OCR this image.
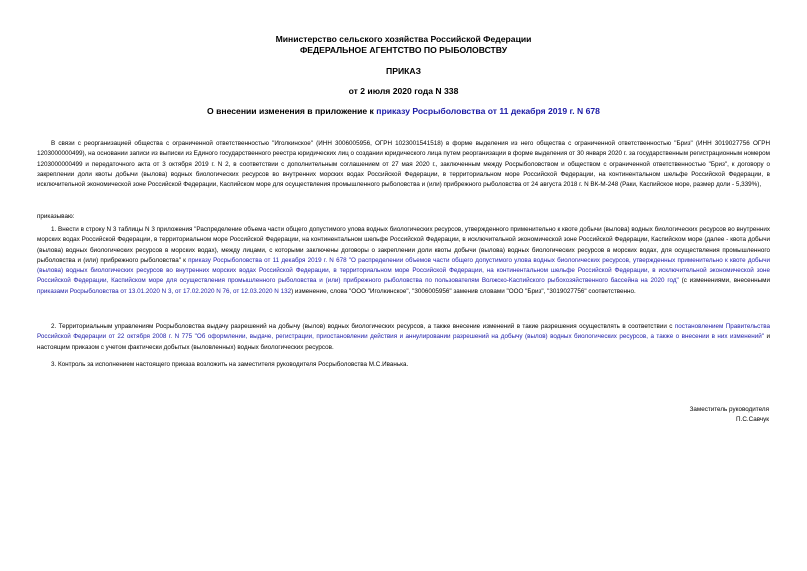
Министерство сельского хозяйства Российской Федерации
ФЕДЕРАЛЬНОЕ АГЕНТСТВО ПО РЫБОЛОВСТВУ
ПРИКАЗ
от 2 июля 2020 года N 338
О внесении изменения в приложение к приказу Росрыболовства от 11 декабря 2019 г. N 678

В связи с реорганизацией общества с ограниченной ответственностью "Иголкинское" (ИНН 3006005956, ОГРН 1023001541518) в форме выделения из него общества с ограниченной ответственностью "Бриз" (ИНН 3019027756 ОГРН 1203000000499), на основании записи из выписки из Единого государственного реестра юридических лиц о создании юридического лица путем реорганизации в форме выделения от 30 января 2020 г. за государственным регистрационным номером 1203000000499 и передаточного акта от 3 октября 2019 г. N 2, в соответствии с дополнительным соглашением от 27 мая 2020 г., заключенным между Росрыболовством и обществом с ограниченной ответственностью "Бриз", к договору о закреплении доли квоты добычи (вылова) водных биологических ресурсов во внутренних морских водах Российской Федерации, в территориальном море Российской Федерации, на континентальном шельфе Российской Федерации, в исключительной экономической зоне Российской Федерации, Каспийском море для осуществления промышленного рыболовства и (или) прибрежного рыболовства от 24 августа 2018 г. N ВК-М-248 (Раки, Каспийское море, размер доли - 5,339%),

приказываю:

1. Внести в строку N 3 таблицы N 3 приложения "Распределение объема части общего допустимого улова водных биологических ресурсов, утвержденного применительно к квоте добычи (вылова) водных биологических ресурсов во внутренних морских водах Российской Федерации, в территориальном море Российской Федерации, на континентальном шельфе Российской Федерации, в исключительной экономической зоне Российской Федерации, Каспийском море (далее - квота добычи (вылова) водных биологических ресурсов в морских водах), между лицами, с которыми заключены договоры о закреплении доли квоты добычи (вылова) водных биологических ресурсов в морских водах, для осуществления промышленного рыболовства и (или) прибрежного рыболовства" к приказу Росрыболовства от 11 декабря 2019 г. N 678 "О распределении объемов части общего допустимого улова водных биологических ресурсов, утвержденных применительно к квоте добычи (вылова) водных биологических ресурсов во внутренних морских водах Российской Федерации, в территориальном море Российской Федерации, на континентальном шельфе Российской Федерации, в исключительной экономической зоне Российской Федерации, Каспийском море для осуществления промышленного рыболовства и (или) прибрежного рыболовства по пользователям Волжско-Каспийского рыбохозяйственного бассейна на 2020 год" (с изменениями, внесенными приказами Росрыболовства от 13.01.2020 N 3, от 17.02.2020 N 76, от 12.03.2020 N 132) изменение, слова "ООО "Иголкинское", "3006005956" заменив словами "ООО "Бриз", "3019027756" соответственно.

2. Территориальным управлениям Росрыболовства выдачу разрешений на добычу (вылов) водных биологических ресурсов, а также внесение изменений в такие разрешения осуществлять в соответствии с постановлением Правительства Российской Федерации от 22 октября 2008 г. N 775 "Об оформлении, выдаче, регистрации, приостановлении действия и аннулировании разрешений на добычу (вылов) водных биологических ресурсов, а также о внесении в них изменений" и настоящим приказом с учетом фактически добытых (выловленных) водных биологических ресурсов.

3. Контроль за исполнением настоящего приказа возложить на заместителя руководителя Росрыболовства М.С.Иванька.

Заместитель руководителя
П.С.Савчук
